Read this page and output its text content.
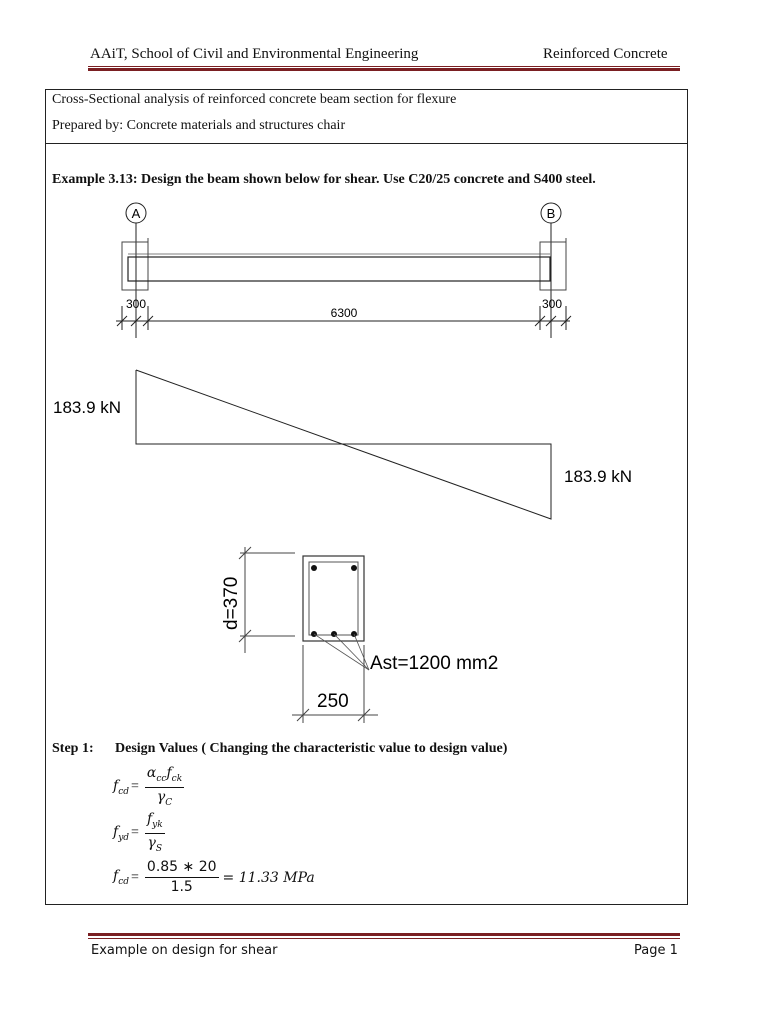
AAiT, School of Civil and Environmental Engineering	Reinforced Concrete
Cross-Sectional analysis of reinforced concrete beam section for flexure
Prepared by: Concrete materials and structures chair
Example 3.13: Design the beam shown below for shear. Use C20/25 concrete and S400 steel.
A	B
300
6300
300
183.9 kN
183.9 kN
d=370
Ast=1200 mm2
250
Step 1: Design Values ( Changing the characteristic value to design value)
$f_{cd} = \frac{\alpha_{cc}f_{ck}}{\gamma_C}$
$f_{yd} = \frac{f_{yk}}{\gamma_S}$
$f_{cd} = \frac{0.85 ∗ 20}{1.5} = 11.33$ MPa
Example on design for shear	Page 1
